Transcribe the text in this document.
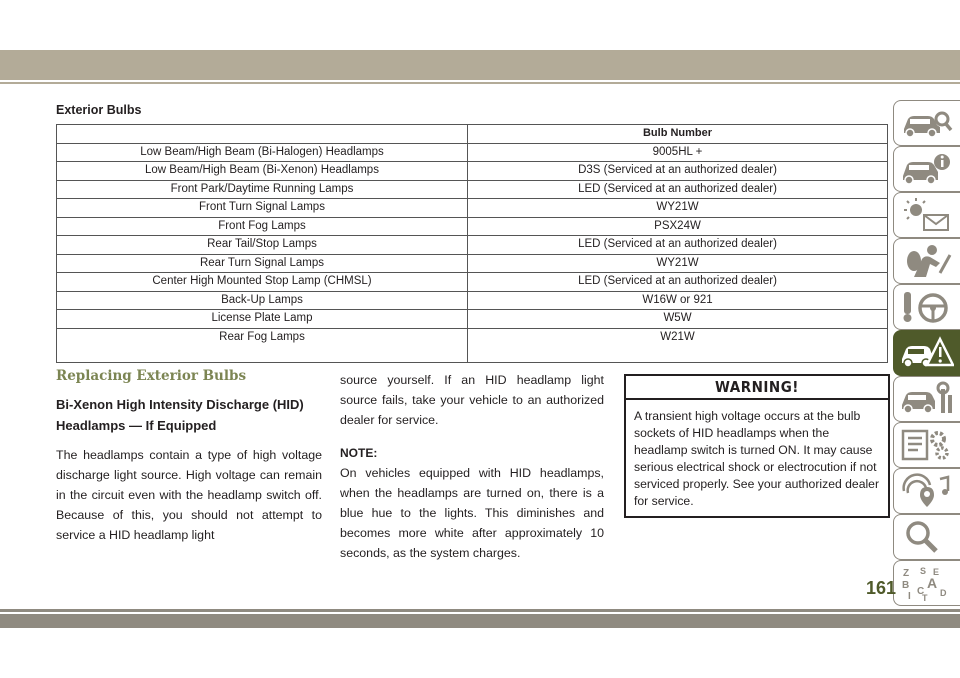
Exterior Bulbs
	Bulb Number
Low Beam/High Beam (Bi-Halogen) Headlamps	9005HL +
Low Beam/High Beam (Bi-Xenon) Headlamps	D3S (Serviced at an authorized dealer)
Front Park/Daytime Running Lamps	LED (Serviced at an authorized dealer)
Front Turn Signal Lamps	WY21W
Front Fog Lamps	PSX24W
Rear Tail/Stop Lamps	LED (Serviced at an authorized dealer)
Rear Turn Signal Lamps	WY21W
Center High Mounted Stop Lamp (CHMSL)	LED (Serviced at an authorized dealer)
Back-Up Lamps	W16W or 921
License Plate Lamp	W5W
Rear Fog Lamps	W21W
Replacing Exterior Bulbs
Bi-Xenon High Intensity Discharge (HID) Headlamps — If Equipped

The headlamps contain a type of high voltage discharge light source. High voltage can remain in the circuit even with the headlamp switch off. Because of this, you should not attempt to service a HID headlamp light

source yourself. If an HID headlamp light source fails, take your vehicle to an authorized dealer for service.

NOTE:

On vehicles equipped with HID headlamps, when the headlamps are turned on, there is a blue hue to the lights. This diminishes and becomes more white after approximately 10 seconds, as the system charges.

WARNING!

A transient high voltage occurs at the bulb sockets of HID headlamps when the headlamp switch is turned ON. It may cause serious electrical shock or electrocution if not serviced properly. See your authorized dealer for service.

Z S E
B A
I C D
T
161
